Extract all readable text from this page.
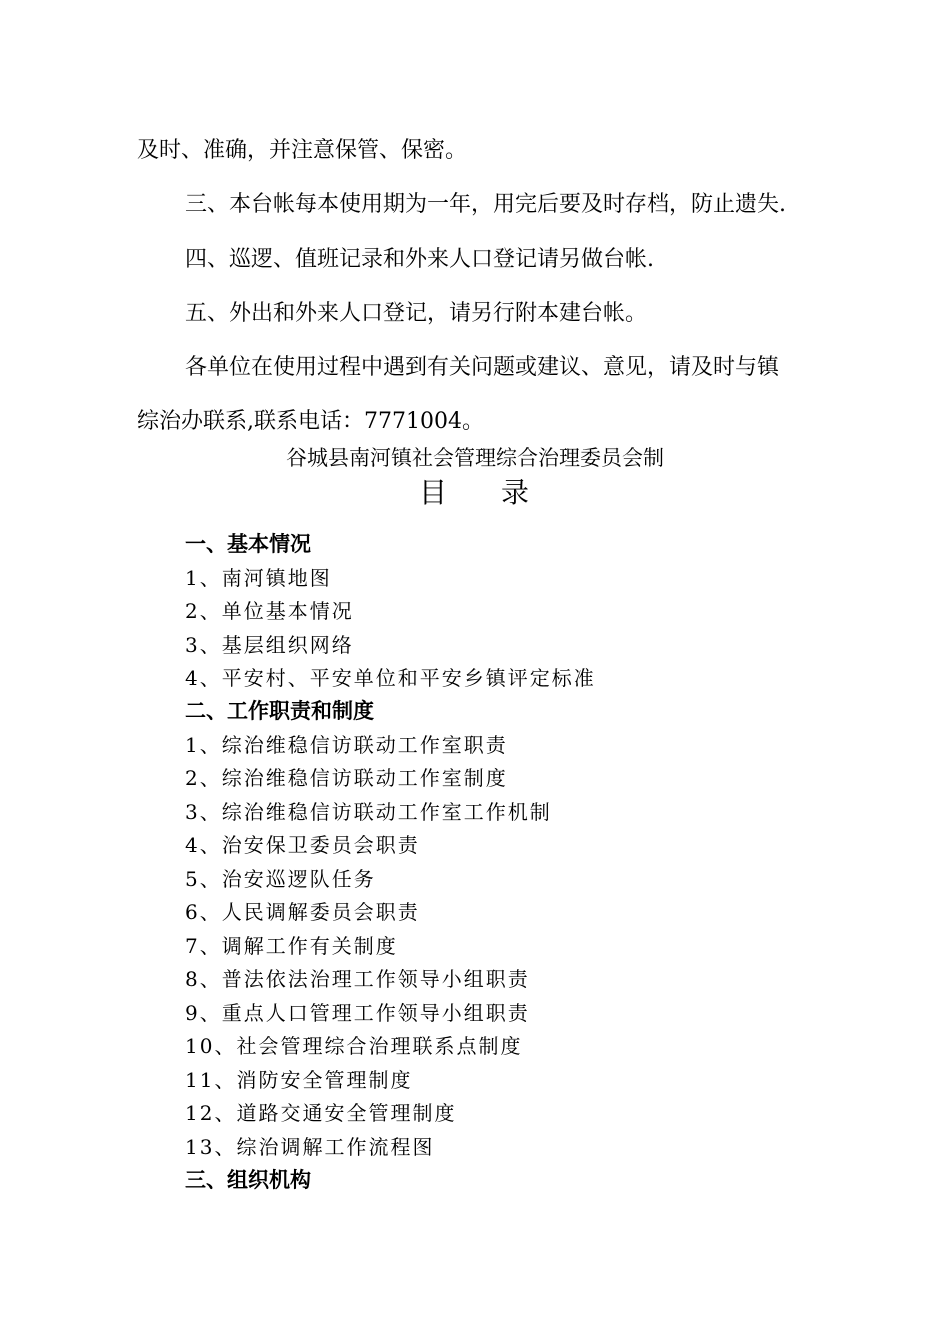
及时、准确，并注意保管、保密。
三、本台帐每本使用期为一年，用完后要及时存档，防止遗失.
四、巡逻、值班记录和外来人口登记请另做台帐.
五、外出和外来人口登记，请另行附本建台帐。
各单位在使用过程中遇到有关问题或建议、意见，请及时与镇
综治办联系,联系电话：7771004。
谷城县南河镇社会管理综合治理委员会制
目 录
一、基本情况
1、南河镇地图
2、单位基本情况
3、基层组织网络
4、平安村、平安单位和平安乡镇评定标准
二、工作职责和制度
1、综治维稳信访联动工作室职责
2、综治维稳信访联动工作室制度
3、综治维稳信访联动工作室工作机制
4、治安保卫委员会职责
5、治安巡逻队任务
6、人民调解委员会职责
7、调解工作有关制度
8、普法依法治理工作领导小组职责
9、重点人口管理工作领导小组职责
10、社会管理综合治理联系点制度
11、消防安全管理制度
12、道路交通安全管理制度
13、综治调解工作流程图
三、组织机构
